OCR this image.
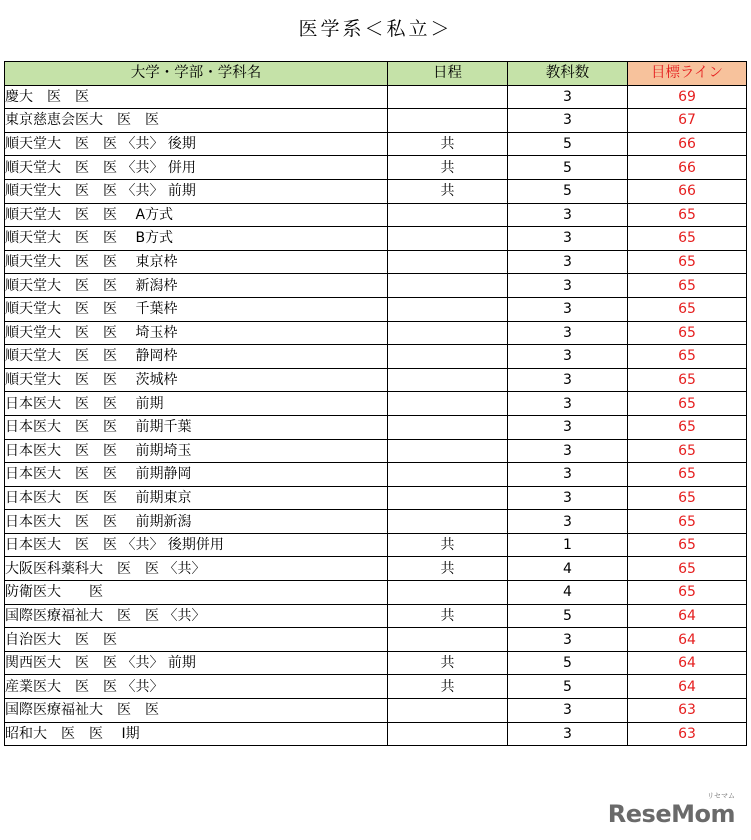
医学系＜私立＞
大学・学部・学科名	日程	教科数	目標ライン
慶大　医　医		3	69
東京慈恵会医大　医　医		3	67
順天堂大　医　医 〈共〉 後期	共	5	66
順天堂大　医　医 〈共〉 併用	共	5	66
順天堂大　医　医 〈共〉 前期	共	5	66
順天堂大　医　医　 A方式		3	65
順天堂大　医　医　 B方式		3	65
順天堂大　医　医　 東京枠		3	65
順天堂大　医　医　 新潟枠		3	65
順天堂大　医　医　 千葉枠		3	65
順天堂大　医　医　 埼玉枠		3	65
順天堂大　医　医　 静岡枠		3	65
順天堂大　医　医　 茨城枠		3	65
日本医大　医　医　 前期		3	65
日本医大　医　医　 前期千葉		3	65
日本医大　医　医　 前期埼玉		3	65
日本医大　医　医　 前期静岡		3	65
日本医大　医　医　 前期東京		3	65
日本医大　医　医　 前期新潟		3	65
日本医大　医　医 〈共〉 後期併用	共	1	65
大阪医科薬科大　医　医 〈共〉	共	4	65
防衛医大　　医		4	65
国際医療福祉大　医　医 〈共〉	共	5	64
自治医大　医　医		3	64
関西医大　医　医 〈共〉 前期	共	5	64
産業医大　医　医 〈共〉	共	5	64
国際医療福祉大　医　医		3	63
昭和大　医　医　 Ⅰ期		3	63
ReseMom
リセマム
